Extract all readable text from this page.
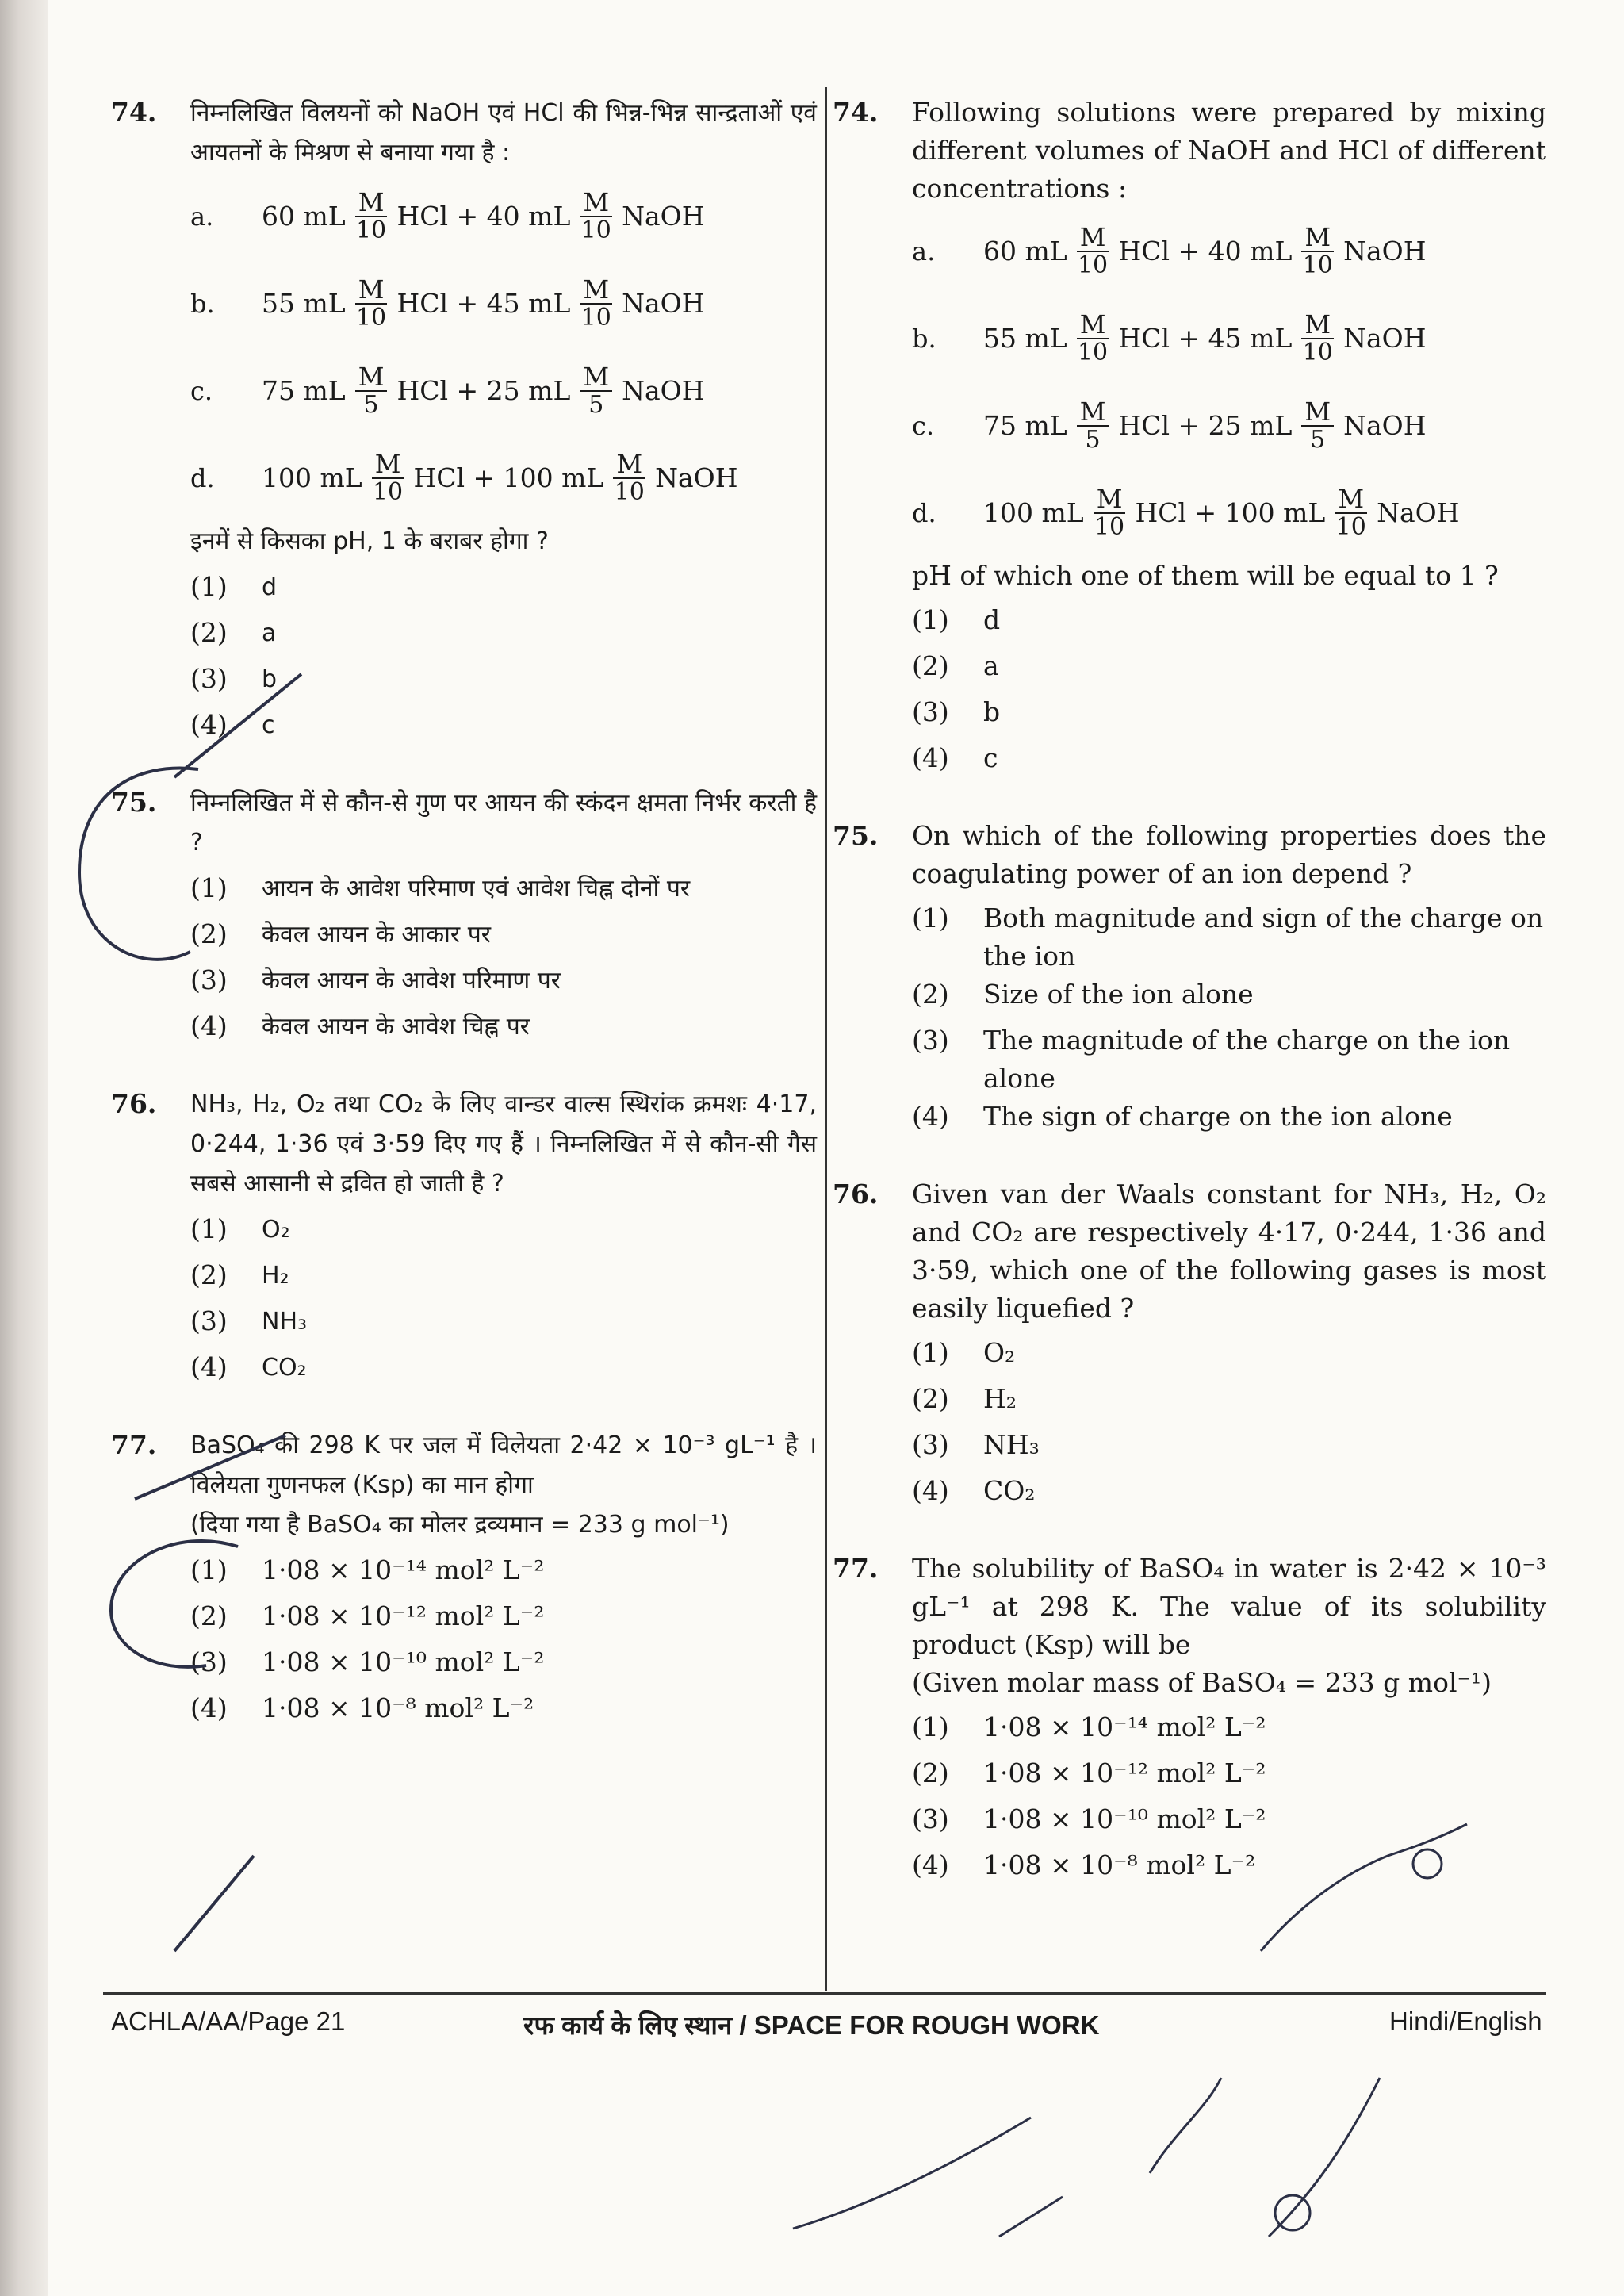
74. निम्नलिखित विलयनों को NaOH एवं HCl की भिन्न-भिन्न सान्द्रताओं एवं आयतनों के मिश्रण से बनाया गया है :
a.	60 mL $\frac{M}{10}$ HCl + 40 mL $\frac{M}{10}$ NaOH
b.	55 mL $\frac{M}{10}$ HCl + 45 mL $\frac{M}{10}$ NaOH
c.	75 mL $\frac{M}{5}$ HCl + 25 mL $\frac{M}{5}$ NaOH
d.	100 mL $\frac{M}{10}$ HCl + 100 mL $\frac{M}{10}$ NaOH
इनमें से किसका pH, 1 के बराबर होगा ?
(1)	d
(2)	a
(3)	b
(4)	c
75. निम्नलिखित में से कौन-से गुण पर आयन की स्कंदन क्षमता निर्भर करती है ?
(1)	आयन के आवेश परिमाण एवं आवेश चिह्न दोनों पर
(2)	केवल आयन के आकार पर
(3)	केवल आयन के आवेश परिमाण पर
(4)	केवल आयन के आवेश चिह्न पर
76. NH₃, H₂, O₂ तथा CO₂ के लिए वान्डर वाल्स स्थिरांक क्रमशः 4·17, 0·244, 1·36 एवं 3·59 दिए गए हैं । निम्नलिखित में से कौन-सी गैस सबसे आसानी से द्रवित हो जाती है ?
(1)	O₂
(2)	H₂
(3)	NH₃
(4)	CO₂
77. BaSO₄ की 298 K पर जल में विलेयता 2·42 × 10⁻³ gL⁻¹ है । विलेयता गुणनफल (Ksp) का मान होगा
(दिया गया है BaSO₄ का मोलर द्रव्यमान = 233 g mol⁻¹)
(1)	1·08 × 10⁻¹⁴ mol² L⁻²
(2)	1·08 × 10⁻¹² mol² L⁻²
(3)	1·08 × 10⁻¹⁰ mol² L⁻²
(4)	1·08 × 10⁻⁸ mol² L⁻²
74. Following solutions were prepared by mixing different volumes of NaOH and HCl of different concentrations :
a.	60 mL $\frac{M}{10}$ HCl + 40 mL $\frac{M}{10}$ NaOH
b.	55 mL $\frac{M}{10}$ HCl + 45 mL $\frac{M}{10}$ NaOH
c.	75 mL $\frac{M}{5}$ HCl + 25 mL $\frac{M}{5}$ NaOH
d.	100 mL $\frac{M}{10}$ HCl + 100 mL $\frac{M}{10}$ NaOH
pH of which one of them will be equal to 1 ?
(1)	d
(2)	a
(3)	b
(4)	c
75. On which of the following properties does the coagulating power of an ion depend ?
(1)	Both magnitude and sign of the charge on the ion
(2)	Size of the ion alone
(3)	The magnitude of the charge on the ion alone
(4)	The sign of charge on the ion alone
76. Given van der Waals constant for NH₃, H₂, O₂ and CO₂ are respectively 4·17, 0·244, 1·36 and 3·59, which one of the following gases is most easily liquefied ?
(1)	O₂
(2)	H₂
(3)	NH₃
(4)	CO₂
77. The solubility of BaSO₄ in water is 2·42 × 10⁻³ gL⁻¹ at 298 K. The value of its solubility product (Ksp) will be
(Given molar mass of BaSO₄ = 233 g mol⁻¹)
(1)	1·08 × 10⁻¹⁴ mol² L⁻²
(2)	1·08 × 10⁻¹² mol² L⁻²
(3)	1·08 × 10⁻¹⁰ mol² L⁻²
(4)	1·08 × 10⁻⁸ mol² L⁻²
ACHLA/AA/Page 21	रफ कार्य के लिए स्थान / SPACE FOR ROUGH WORK	Hindi/English
